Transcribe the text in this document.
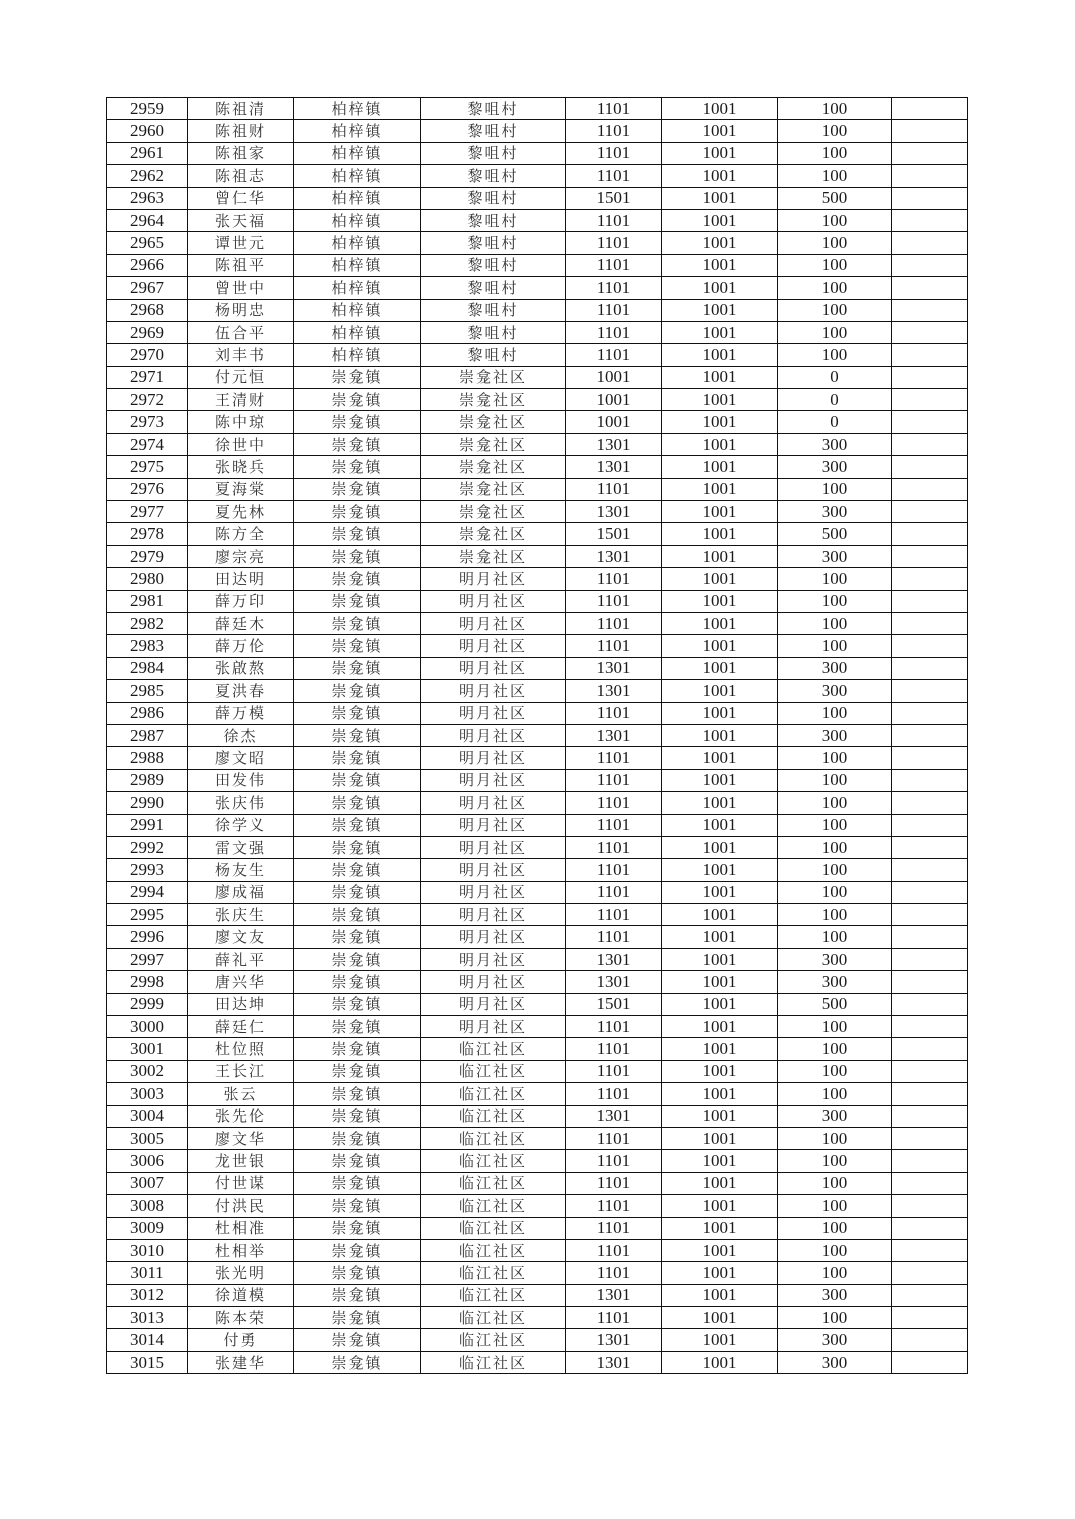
2959	陈祖清	柏梓镇	黎咀村	1101	1001	100	
2960	陈祖财	柏梓镇	黎咀村	1101	1001	100	
2961	陈祖家	柏梓镇	黎咀村	1101	1001	100	
2962	陈祖志	柏梓镇	黎咀村	1101	1001	100	
2963	曾仁华	柏梓镇	黎咀村	1501	1001	500	
2964	张天福	柏梓镇	黎咀村	1101	1001	100	
2965	谭世元	柏梓镇	黎咀村	1101	1001	100	
2966	陈祖平	柏梓镇	黎咀村	1101	1001	100	
2967	曾世中	柏梓镇	黎咀村	1101	1001	100	
2968	杨明忠	柏梓镇	黎咀村	1101	1001	100	
2969	伍合平	柏梓镇	黎咀村	1101	1001	100	
2970	刘丰书	柏梓镇	黎咀村	1101	1001	100	
2971	付元恒	崇龛镇	崇龛社区	1001	1001	0	
2972	王清财	崇龛镇	崇龛社区	1001	1001	0	
2973	陈中琼	崇龛镇	崇龛社区	1001	1001	0	
2974	徐世中	崇龛镇	崇龛社区	1301	1001	300	
2975	张晓兵	崇龛镇	崇龛社区	1301	1001	300	
2976	夏海棠	崇龛镇	崇龛社区	1101	1001	100	
2977	夏先林	崇龛镇	崇龛社区	1301	1001	300	
2978	陈方全	崇龛镇	崇龛社区	1501	1001	500	
2979	廖宗亮	崇龛镇	崇龛社区	1301	1001	300	
2980	田达明	崇龛镇	明月社区	1101	1001	100	
2981	薛万印	崇龛镇	明月社区	1101	1001	100	
2982	薛廷木	崇龛镇	明月社区	1101	1001	100	
2983	薛万伦	崇龛镇	明月社区	1101	1001	100	
2984	张啟熬	崇龛镇	明月社区	1301	1001	300	
2985	夏洪春	崇龛镇	明月社区	1301	1001	300	
2986	薛万模	崇龛镇	明月社区	1101	1001	100	
2987	徐杰	崇龛镇	明月社区	1301	1001	300	
2988	廖文昭	崇龛镇	明月社区	1101	1001	100	
2989	田发伟	崇龛镇	明月社区	1101	1001	100	
2990	张庆伟	崇龛镇	明月社区	1101	1001	100	
2991	徐学义	崇龛镇	明月社区	1101	1001	100	
2992	雷文强	崇龛镇	明月社区	1101	1001	100	
2993	杨友生	崇龛镇	明月社区	1101	1001	100	
2994	廖成福	崇龛镇	明月社区	1101	1001	100	
2995	张庆生	崇龛镇	明月社区	1101	1001	100	
2996	廖文友	崇龛镇	明月社区	1101	1001	100	
2997	薛礼平	崇龛镇	明月社区	1301	1001	300	
2998	唐兴华	崇龛镇	明月社区	1301	1001	300	
2999	田达坤	崇龛镇	明月社区	1501	1001	500	
3000	薛廷仁	崇龛镇	明月社区	1101	1001	100	
3001	杜位照	崇龛镇	临江社区	1101	1001	100	
3002	王长江	崇龛镇	临江社区	1101	1001	100	
3003	张云	崇龛镇	临江社区	1101	1001	100	
3004	张先伦	崇龛镇	临江社区	1301	1001	300	
3005	廖文华	崇龛镇	临江社区	1101	1001	100	
3006	龙世银	崇龛镇	临江社区	1101	1001	100	
3007	付世谋	崇龛镇	临江社区	1101	1001	100	
3008	付洪民	崇龛镇	临江社区	1101	1001	100	
3009	杜相准	崇龛镇	临江社区	1101	1001	100	
3010	杜相举	崇龛镇	临江社区	1101	1001	100	
3011	张光明	崇龛镇	临江社区	1101	1001	100	
3012	徐道模	崇龛镇	临江社区	1301	1001	300	
3013	陈本荣	崇龛镇	临江社区	1101	1001	100	
3014	付勇	崇龛镇	临江社区	1301	1001	300	
3015	张建华	崇龛镇	临江社区	1301	1001	300	
